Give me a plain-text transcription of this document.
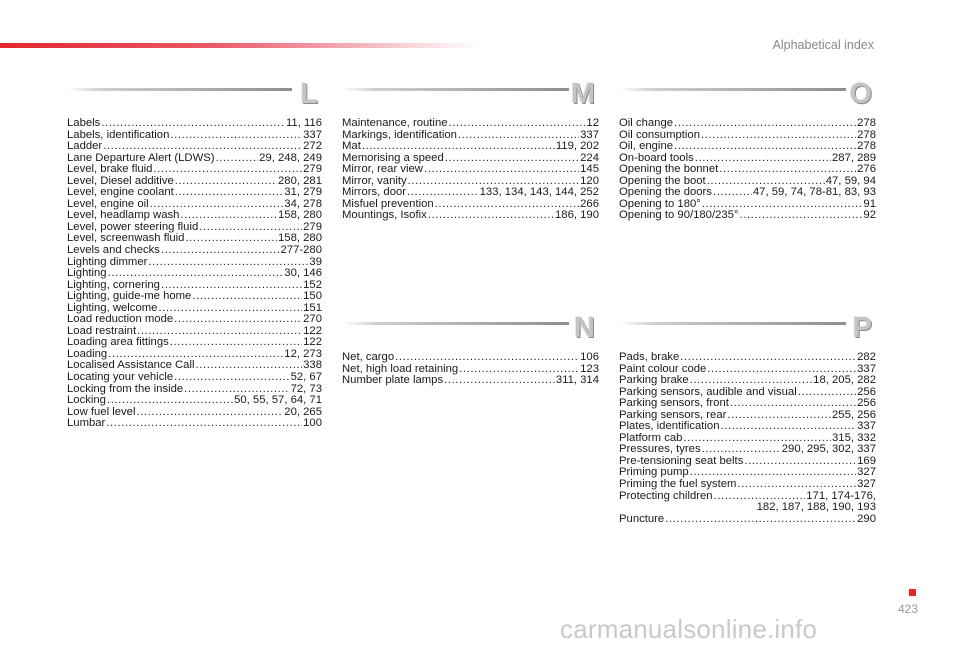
Alphabetical index
L
Labels .....	11, 116
Labels, identification .....	337
Ladder .....	272
Lane Departure Alert (LDWS) .....	29, 248, 249
Level, brake fluid .....	279
Level, Diesel additive .....	280, 281
Level, engine coolant .....	31, 279
Level, engine oil .....	34, 278
Level, headlamp wash .....	158, 280
Level, power steering fluid .....	279
Level, screenwash fluid .....	158, 280
Levels and checks .....	277-280
Lighting dimmer .....	39
Lighting .....	30, 146
Lighting, cornering .....	152
Lighting, guide-me home .....	150
Lighting, welcome .....	151
Load reduction mode .....	270
Load restraint .....	122
Loading area fittings .....	122
Loading .....	12, 273
Localised Assistance Call .....	338
Locating your vehicle .....	52, 67
Locking from the inside .....	72, 73
Locking .....	50, 55, 57, 64, 71
Low fuel level .....	20, 265
Lumbar .....	100
M
Maintenance, routine .....	12
Markings, identification .....	337
Mat .....	119, 202
Memorising a speed .....	224
Mirror, rear view .....	145
Mirror, vanity .....	120
Mirrors, door .....	133, 134, 143, 144, 252
Misfuel prevention .....	266
Mountings, Isofix .....	186, 190
N
Net, cargo .....	106
Net, high load retaining .....	123
Number plate lamps .....	311, 314
O
Oil change .....	278
Oil consumption .....	278
Oil, engine .....	278
On-board tools .....	287, 289
Opening the bonnet .....	276
Opening the boot .....	47, 59, 94
Opening the doors .....	47, 59, 74, 78-81, 83, 93
Opening to 180° .....	91
Opening to 90/180/235° .....	92
P
Pads, brake .....	282
Paint colour code .....	337
Parking brake .....	18, 205, 282
Parking sensors, audible and visual .....	256
Parking sensors, front .....	256
Parking sensors, rear .....	255, 256
Plates, identification .....	337
Platform cab .....	315, 332
Pressures, tyres .....	290, 295, 302, 337
Pre-tensioning seat belts .....	169
Priming pump .....	327
Priming the fuel system .....	327
Protecting children .....	171, 174-176,
182, 187, 188, 190, 193
Puncture .....	290
423
carmanualsonline.info
